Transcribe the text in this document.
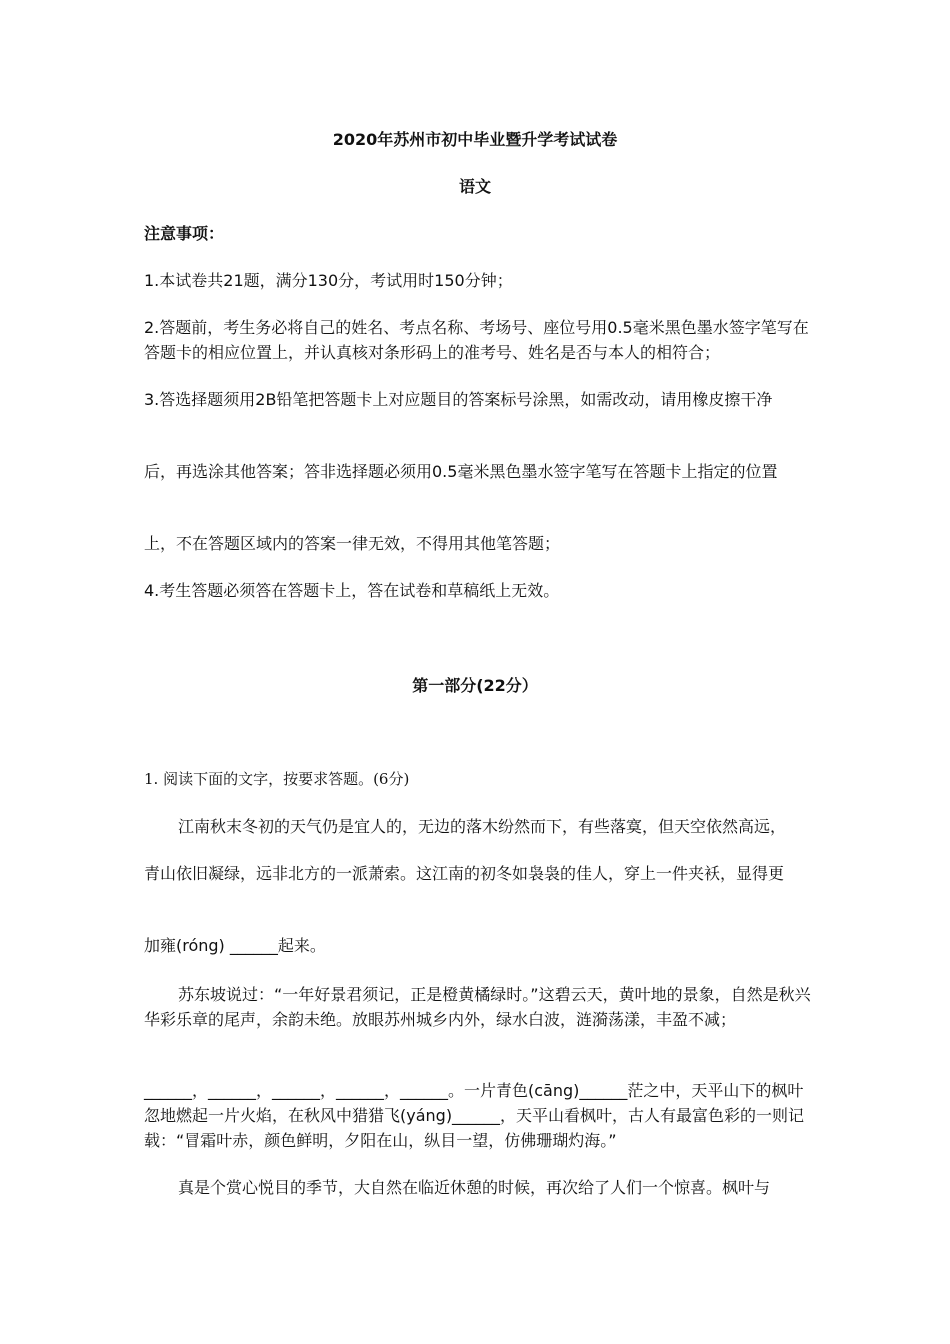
2020年苏州市初中毕业暨升学考试试卷

语文

注意事项：

1.本试卷共21题，满分130分，考试用时150分钟；

2.答题前，考生务必将自己的姓名、考点名称、考场号、座位号用0.5毫米黑色墨水签字笔写在答题卡的相应位置上，并认真核对条形码上的准考号、姓名是否与本人的相符合；

3.答选择题须用2B铅笔把答题卡上对应题目的答案标号涂黑，如需改动，请用橡皮擦干净

后，再选涂其他答案；答非选择题必须用0.5毫米黑色墨水签字笔写在答题卡上指定的位置

上，不在答题区域内的答案一律无效，不得用其他笔答题；

4.考生答题必须答在答题卡上，答在试卷和草稿纸上无效。

第一部分(22分）

1. 阅读下面的文字，按要求答题。(6分)

江南秋末冬初的天气仍是宜人的，无边的落木纷然而下，有些落寞，但天空依然高远，

青山依旧凝绿，远非北方的一派萧索。这江南的初冬如袅袅的佳人，穿上一件夹袄，显得更

加雍(róng) ______起来。

苏东坡说过：“一年好景君须记，正是橙黄橘绿时。”这碧云天，黄叶地的景象，自然是秋兴华彩乐章的尾声，余韵未绝。放眼苏州城乡内外，绿水白波，涟漪荡漾，丰盈不减；

______，______，______，______，______。一片青色(cāng)______茫之中，天平山下的枫叶忽地燃起一片火焰，在秋风中猎猎飞(yáng)______，天平山看枫叶，古人有最富色彩的一则记载：“冒霜叶赤，颜色鲜明，夕阳在山，纵目一望，仿佛珊瑚灼海。”

真是个赏心悦目的季节，大自然在临近休憩的时候，再次给了人们一个惊喜。枫叶与
